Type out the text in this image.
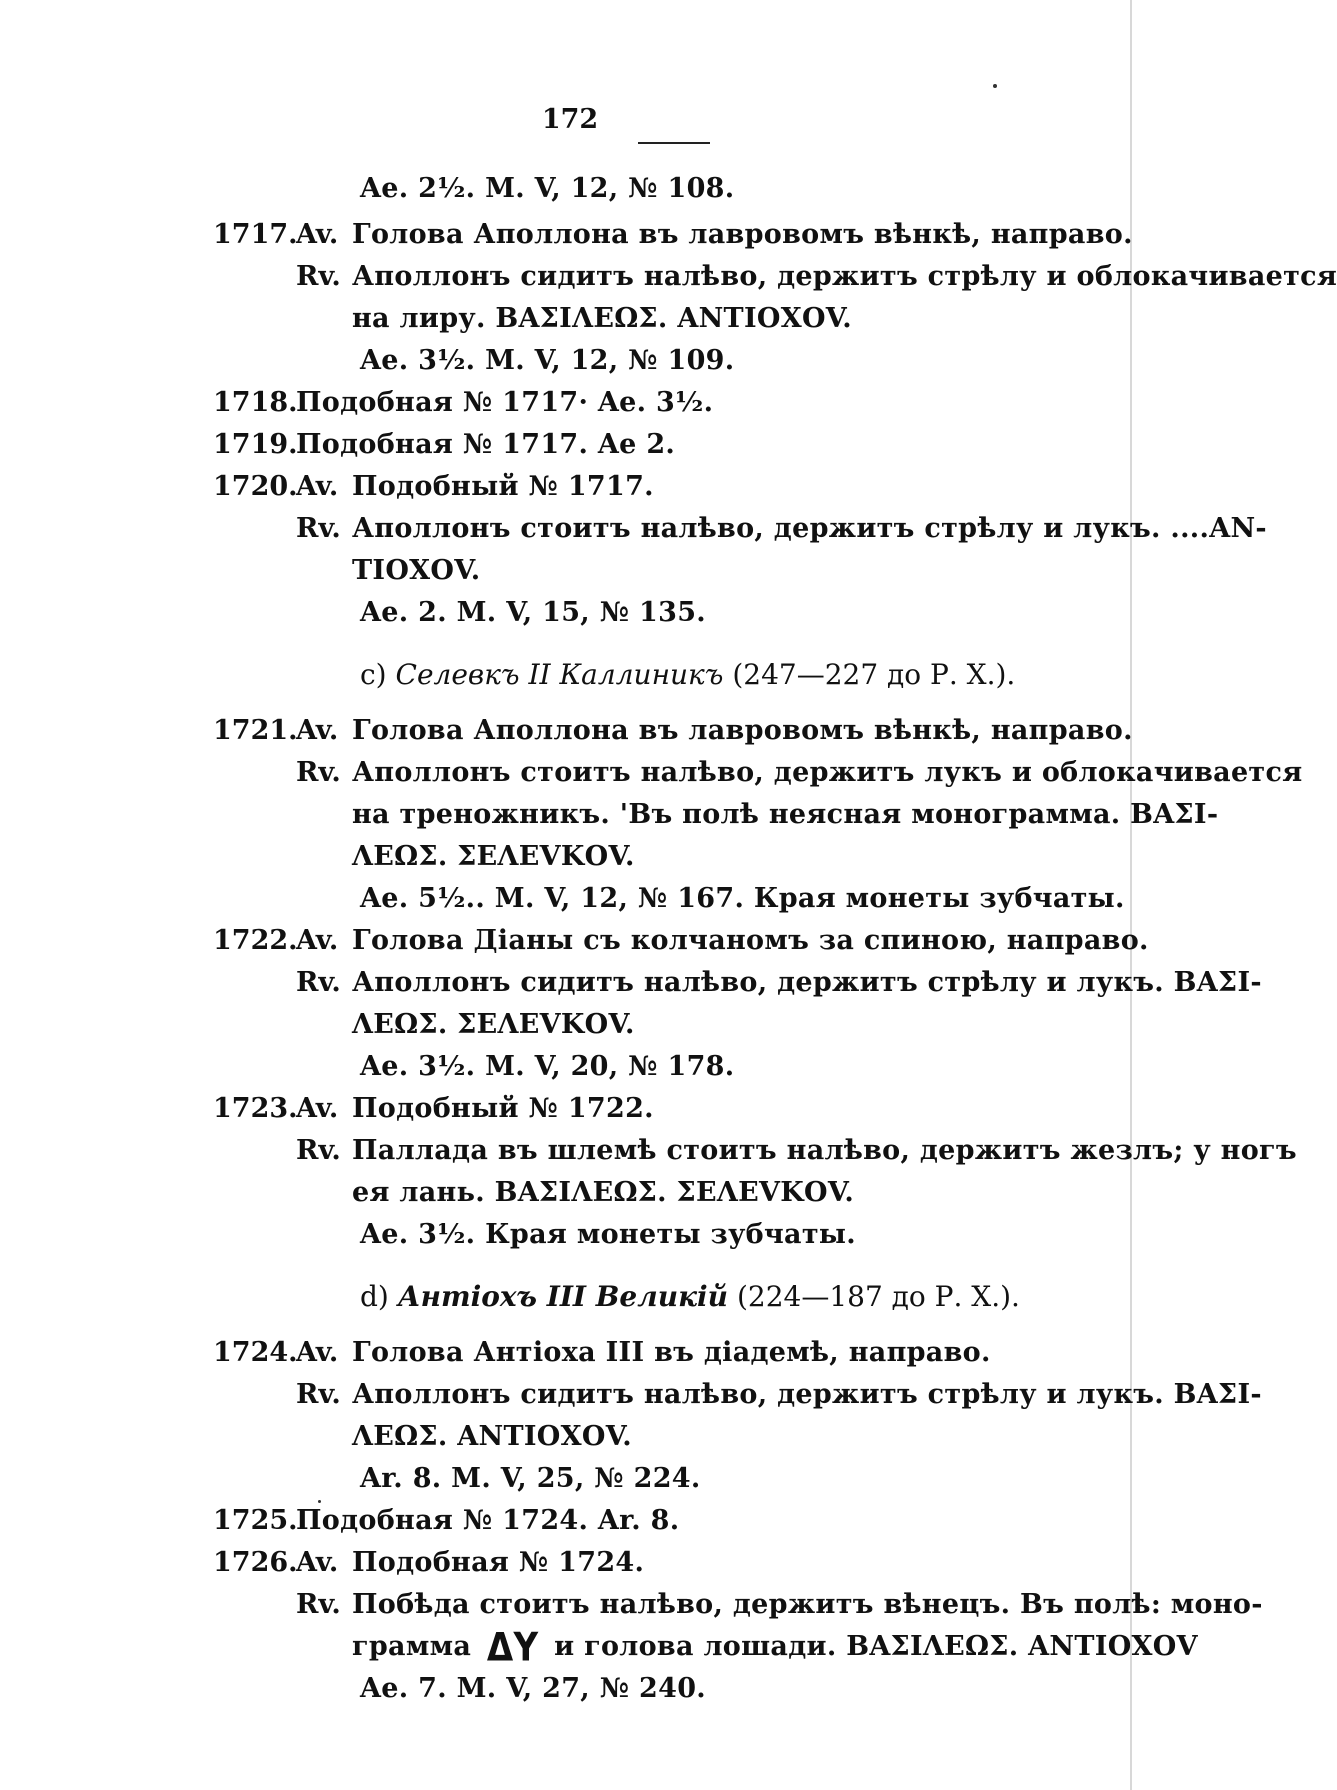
172
Ae. 2½. M. V, 12, № 108.
1717.
Av. Голова Аполлона въ лавровомъ вѣнкѣ, направо.
Rv. Аполлонъ сидитъ налѣво, держитъ стрѣлу и облокачивается
на лиру. ΒΑΣΙΛΕΩΣ. ΑΝΤΙΟΧΟV.
Ae. 3½. M. V, 12, № 109.
1718.
Подобная № 1717· Ae. 3½.
1719.
Подобная № 1717. Ae 2.
1720.
Av. Подобный № 1717.
Rv. Аполлонъ стоитъ налѣво, держитъ стрѣлу и лукъ. ....ΑΝ-
ΤΙΟΧΟV.
Ae. 2. M. V, 15, № 135.
c) Селевкъ II Каллиникъ (247—227 до Р. Х.).
1721.
Av. Голова Аполлона въ лавровомъ вѣнкѣ, направо.
Rv. Аполлонъ стоитъ налѣво, держитъ лукъ и облокачивается
на треножникъ. 'Въ полѣ неясная монограмма. ΒΑΣΙ-
ΛΕΩΣ. ΣΕΛΕVΚΟV.
Ae. 5½.. M. V, 12, № 167. Края монеты зубчаты.
1722.
Av. Голова Діаны съ колчаномъ за спиною, направо.
Rv. Аполлонъ сидитъ налѣво, держитъ стрѣлу и лукъ. ΒΑΣΙ-
ΛΕΩΣ. ΣΕΛΕVΚΟV.
Ae. 3½. M. V, 20, № 178.
1723.
Av. Подобный № 1722.
Rv. Паллада въ шлемѣ стоитъ налѣво, держитъ жезлъ; у ногъ
ея лань. ΒΑΣΙΛΕΩΣ. ΣΕΛΕVΚΟV.
Ae. 3½. Края монеты зубчаты.
d) Антіохъ III Великій (224—187 до Р. Х.).
1724.
Av. Голова Антіоха III въ діадемѣ, направо.
Rv. Аполлонъ сидитъ налѣво, держитъ стрѣлу и лукъ. ΒΑΣΙ-
ΛΕΩΣ. ΑΝΤΙΟΧΟV.
Ar. 8. M. V, 25, № 224.
1725.
Подобная № 1724. Ar. 8.
1726.
Av. Подобная № 1724.
Rv. Побѣда стоитъ налѣво, держитъ вѣнецъ. Въ полѣ: моно-
грамма ΔY и голова лошади. ΒΑΣΙΛΕΩΣ. ΑΝΤΙΟΧΟV
Ae. 7. M. V, 27, № 240.
